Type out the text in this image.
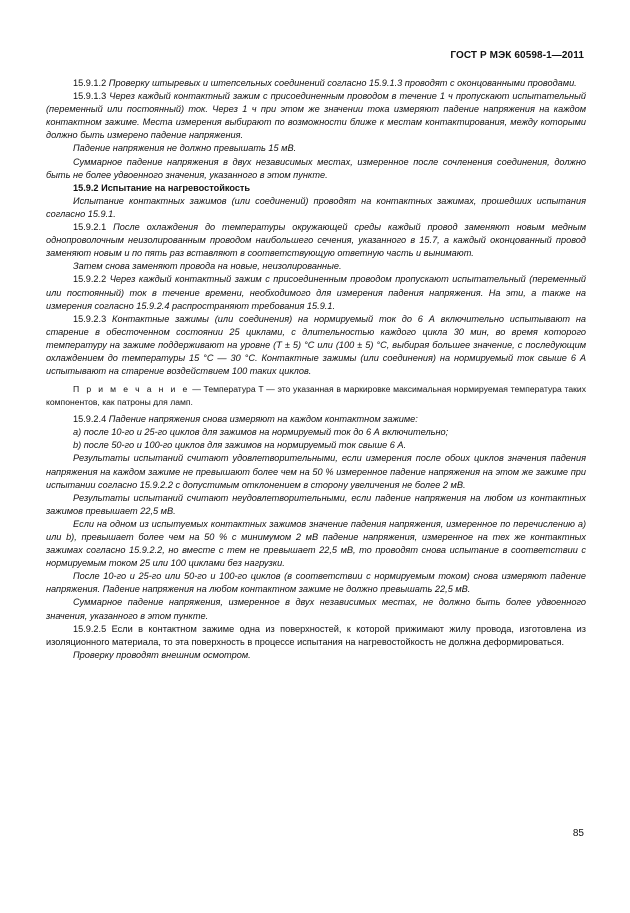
ГОСТ Р МЭК 60598-1—2011

15.9.1.2 Проверку штыревых и штепсельных соединений согласно 15.9.1.3 проводят с оконцованными проводами.

15.9.1.3 Через каждый контактный зажим с присоединенным проводом в течение 1 ч пропускают испытательный (переменный или постоянный) ток. Через 1 ч при этом же значении тока измеряют падение напряжения на каждом контактном зажиме. Места измерения выбирают по возможности ближе к местам контактирования, между которыми должно быть измерено падение напряжения.

Падение напряжения не должно превышать 15 мВ.

Суммарное падение напряжения в двух независимых местах, измеренное после сочленения соединения, должно быть не более удвоенного значения, указанного в этом пункте.

15.9.2 Испытание на нагревостойкость

Испытание контактных зажимов (или соединений) проводят на контактных зажимах, прошедших испытания согласно 15.9.1.

15.9.2.1 После охлаждения до температуры окружающей среды каждый провод заменяют новым медным однопроволочным неизолированным проводом наибольшего сечения, указанного в 15.7, а каждый оконцованный провод заменяют новым и по пять раз вставляют в соответствующую ответную часть и вынимают.

Затем снова заменяют провода на новые, неизолированные.

15.9.2.2 Через каждый контактный зажим с присоединенным проводом пропускают испытательный (переменный или постоянный) ток в течение времени, необходимого для измерения падения напряжения. На эти, а также на измерения согласно 15.9.2.4 распространяют требования 15.9.1.

15.9.2.3 Контактные зажимы (или соединения) на нормируемый ток до 6 А включительно испытывают на старение в обесточенном состоянии 25 циклами, с длительностью каждого цикла 30 мин, во время которого температуру на зажиме поддерживают на уровне (T ± 5) °C или (100 ± 5) °C, выбирая большее значение, с последующим охлаждением до температуры 15 °C — 30 °C. Контактные зажимы (или соединения) на нормируемый ток свыше 6 А испытывают на старение воздействием 100 таких циклов.

П р и м е ч а н и е — Температура T — это указанная в маркировке максимальная нормируемая температура таких компонентов, как патроны для ламп.

15.9.2.4 Падение напряжения снова измеряют на каждом контактном зажиме:

a) после 10-го и 25-го циклов для зажимов на нормируемый ток до 6 А включительно;

b) после 50-го и 100-го циклов для зажимов на нормируемый ток свыше 6 А.

Результаты испытаний считают удовлетворительными, если измерения после обоих циклов значения падения напряжения на каждом зажиме не превышают более чем на 50 % измеренное падение напряжения на этом же зажиме при испытании согласно 15.9.2.2 с допустимым отклонением в сторону увеличения не более 2 мВ.

Результаты испытаний считают неудовлетворительными, если падение напряжения на любом из контактных зажимов превышает 22,5 мВ.

Если на одном из испытуемых контактных зажимов значение падения напряжения, измеренное по перечислению a) или b), превышает более чем на 50 % с минимумом 2 мВ падение напряжения, измеренное на тех же контактных зажимах согласно 15.9.2.2, но вместе с тем не превышает 22,5 мВ, то проводят снова испытание в соответствии с нормируемым током 25 или 100 циклами без нагрузки.

После 10-го и 25-го или 50-го и 100-го циклов (в соответствии с нормируемым током) снова измеряют падение напряжения. Падение напряжения на любом контактном зажиме не должно превышать 22,5 мВ.

Суммарное падение напряжения, измеренное в двух независимых местах, не должно быть более удвоенного значения, указанного в этом пункте.

15.9.2.5 Если в контактном зажиме одна из поверхностей, к которой прижимают жилу провода, изготовлена из изоляционного материала, то эта поверхность в процессе испытания на нагревостойкость не должна деформироваться.

Проверку проводят внешним осмотром.

85
